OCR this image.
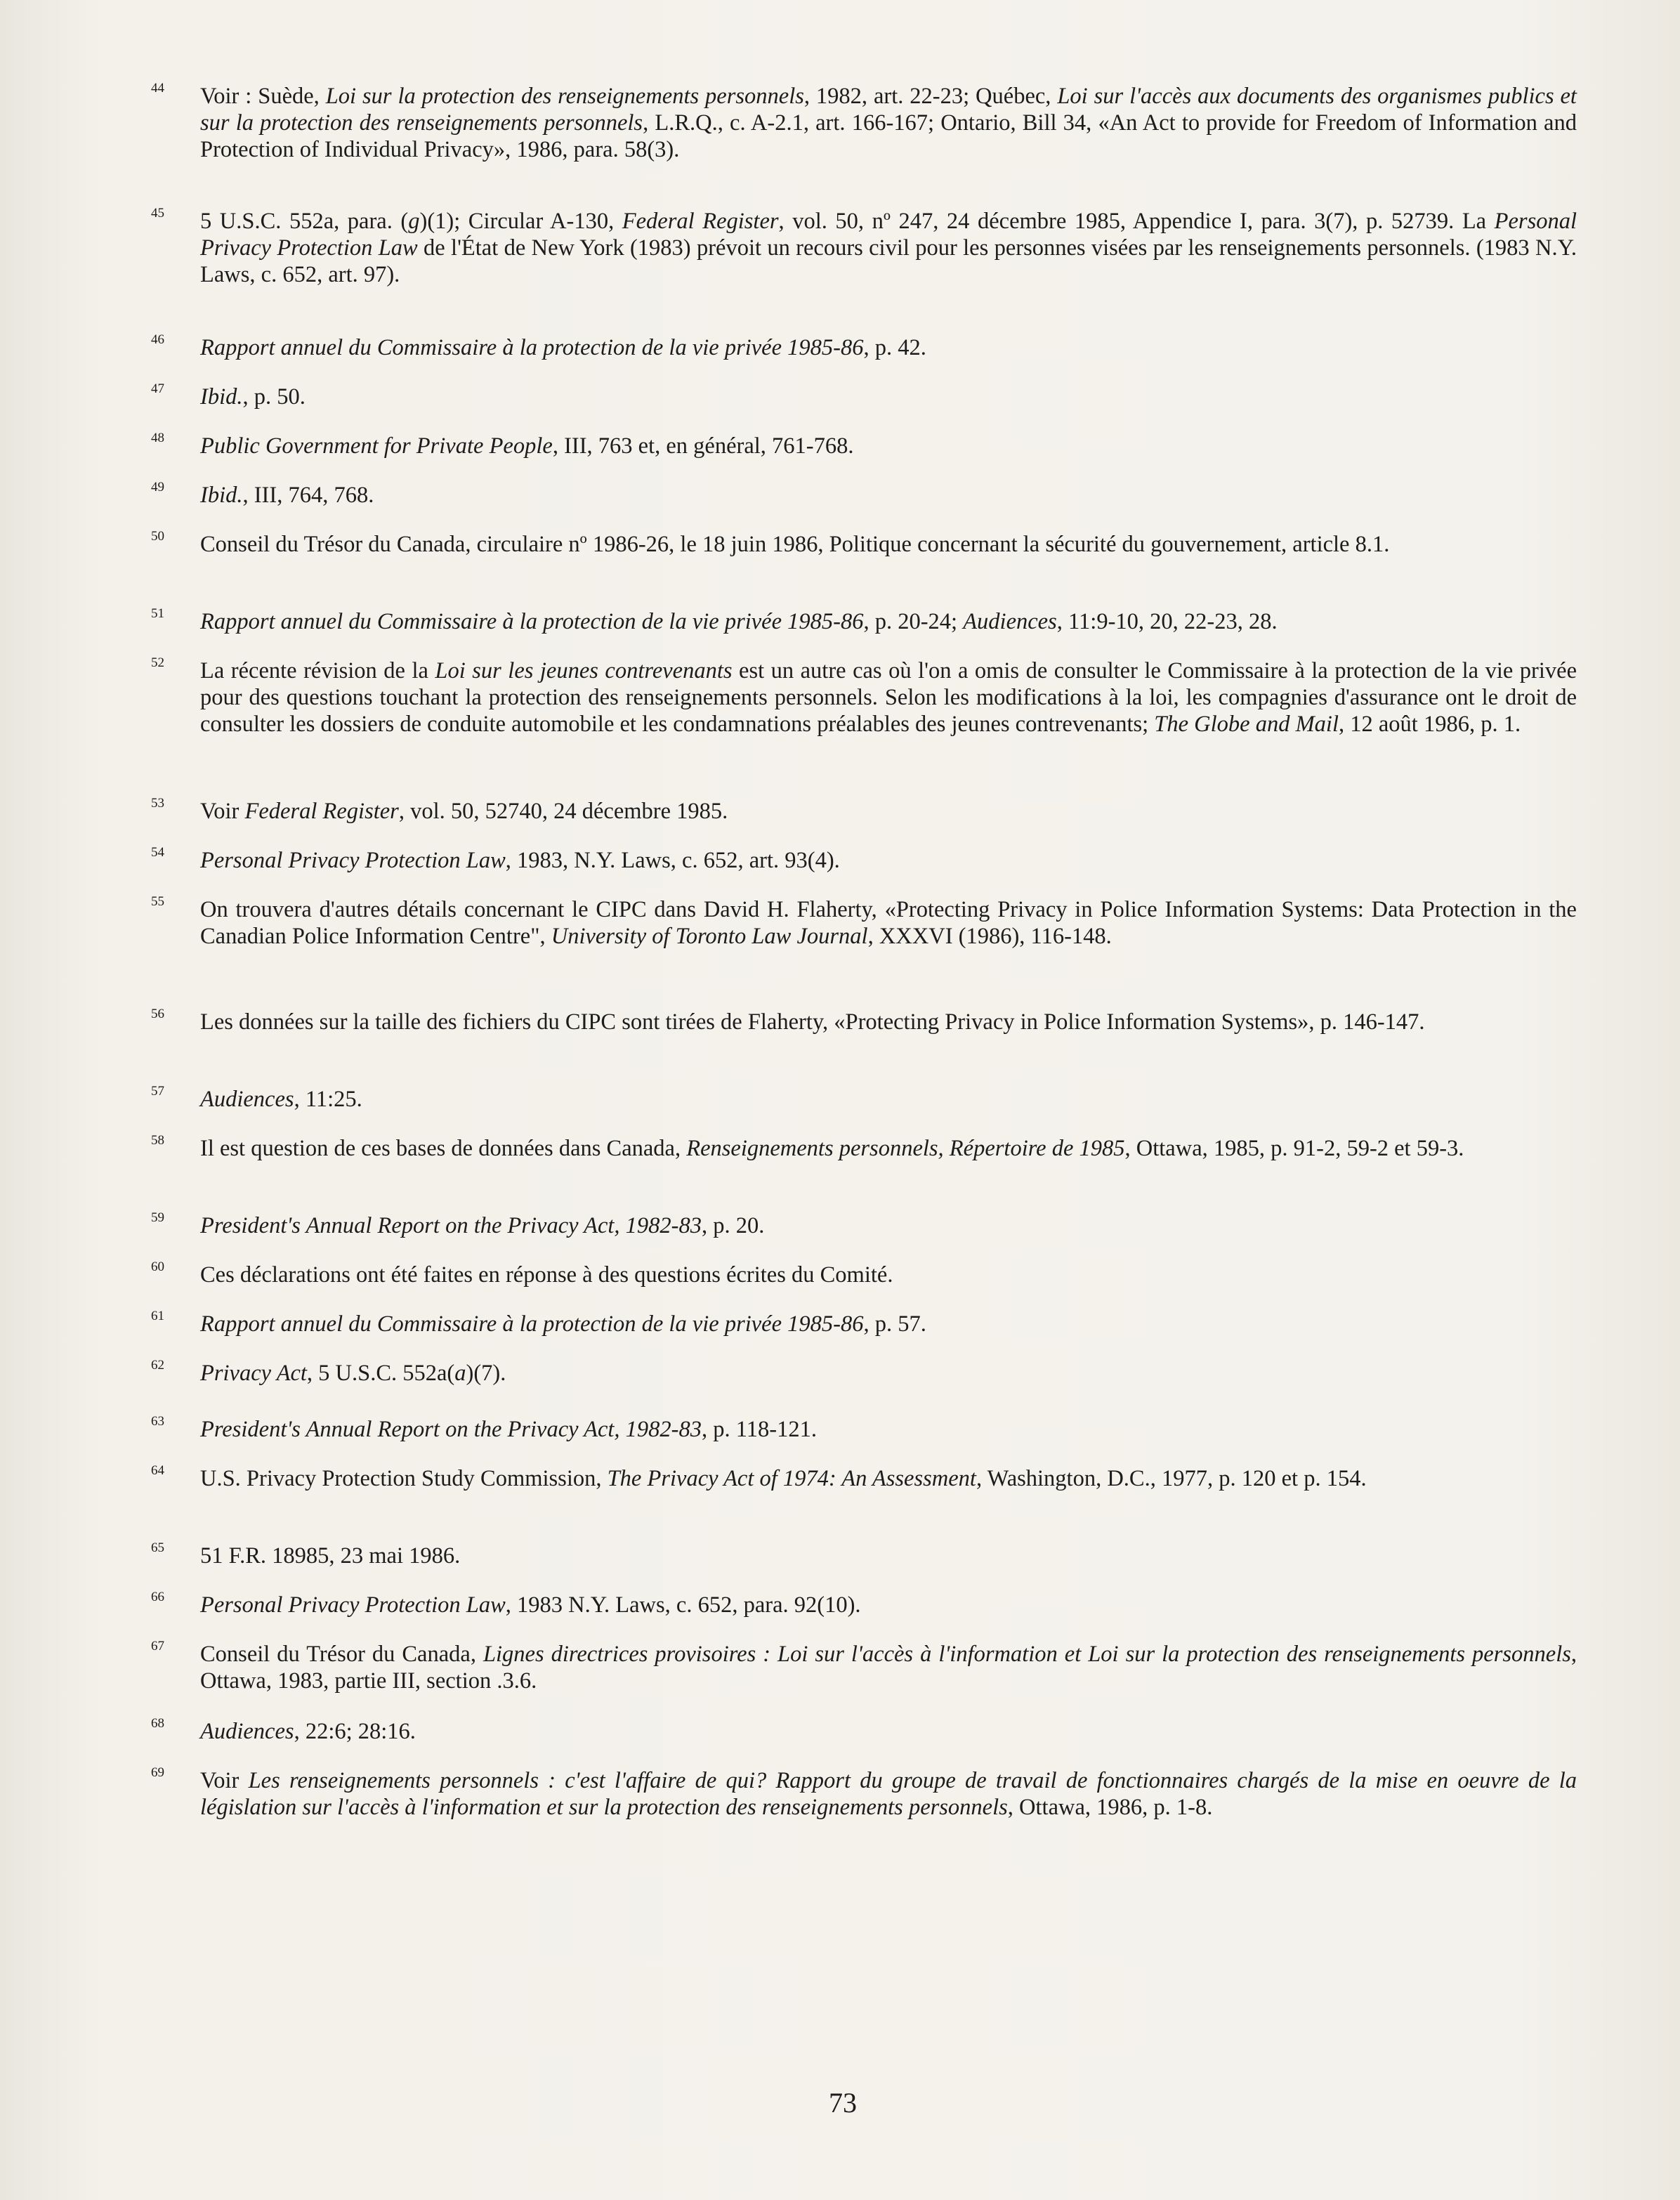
44 Voir : Suède, Loi sur la protection des renseignements personnels, 1982, art. 22-23; Québec, Loi sur l'accès aux documents des organismes publics et sur la protection des renseignements personnels, L.R.Q., c. A-2.1, art. 166-167; Ontario, Bill 34, «An Act to provide for Freedom of Information and Protection of Individual Privacy», 1986, para. 58(3).
45 5 U.S.C. 552a, para. (g)(1); Circular A-130, Federal Register, vol. 50, nº 247, 24 décembre 1985, Appendice I, para. 3(7), p. 52739. La Personal Privacy Protection Law de l'État de New York (1983) prévoit un recours civil pour les personnes visées par les renseignements personnels. (1983 N.Y. Laws, c. 652, art. 97).
46 Rapport annuel du Commissaire à la protection de la vie privée 1985-86, p. 42.
47 Ibid., p. 50.
48 Public Government for Private People, III, 763 et, en général, 761-768.
49 Ibid., III, 764, 768.
50 Conseil du Trésor du Canada, circulaire nº 1986-26, le 18 juin 1986, Politique concernant la sécurité du gouvernement, article 8.1.
51 Rapport annuel du Commissaire à la protection de la vie privée 1985-86, p. 20-24; Audiences, 11:9-10, 20, 22-23, 28.
52 La récente révision de la Loi sur les jeunes contrevenants est un autre cas où l'on a omis de consulter le Commissaire à la protection de la vie privée pour des questions touchant la protection des renseignements personnels. Selon les modifications à la loi, les compagnies d'assurance ont le droit de consulter les dossiers de conduite automobile et les condamnations préalables des jeunes contrevenants; The Globe and Mail, 12 août 1986, p. 1.
53 Voir Federal Register, vol. 50, 52740, 24 décembre 1985.
54 Personal Privacy Protection Law, 1983, N.Y. Laws, c. 652, art. 93(4).
55 On trouvera d'autres détails concernant le CIPC dans David H. Flaherty, «Protecting Privacy in Police Information Systems: Data Protection in the Canadian Police Information Centre", University of Toronto Law Journal, XXXVI (1986), 116-148.
56 Les données sur la taille des fichiers du CIPC sont tirées de Flaherty, «Protecting Privacy in Police Information Systems», p. 146-147.
57 Audiences, 11:25.
58 Il est question de ces bases de données dans Canada, Renseignements personnels, Répertoire de 1985, Ottawa, 1985, p. 91-2, 59-2 et 59-3.
59 President's Annual Report on the Privacy Act, 1982-83, p. 20.
60 Ces déclarations ont été faites en réponse à des questions écrites du Comité.
61 Rapport annuel du Commissaire à la protection de la vie privée 1985-86, p. 57.
62 Privacy Act, 5 U.S.C. 552a(a)(7).
63 President's Annual Report on the Privacy Act, 1982-83, p. 118-121.
64 U.S. Privacy Protection Study Commission, The Privacy Act of 1974: An Assessment, Washington, D.C., 1977, p. 120 et p. 154.
65 51 F.R. 18985, 23 mai 1986.
66 Personal Privacy Protection Law, 1983 N.Y. Laws, c. 652, para. 92(10).
67 Conseil du Trésor du Canada, Lignes directrices provisoires : Loi sur l'accès à l'information et Loi sur la protection des renseignements personnels, Ottawa, 1983, partie III, section .3.6.
68 Audiences, 22:6; 28:16.
69 Voir Les renseignements personnels : c'est l'affaire de qui? Rapport du groupe de travail de fonctionnaires chargés de la mise en oeuvre de la législation sur l'accès à l'information et sur la protection des renseignements personnels, Ottawa, 1986, p. 1-8.
73
